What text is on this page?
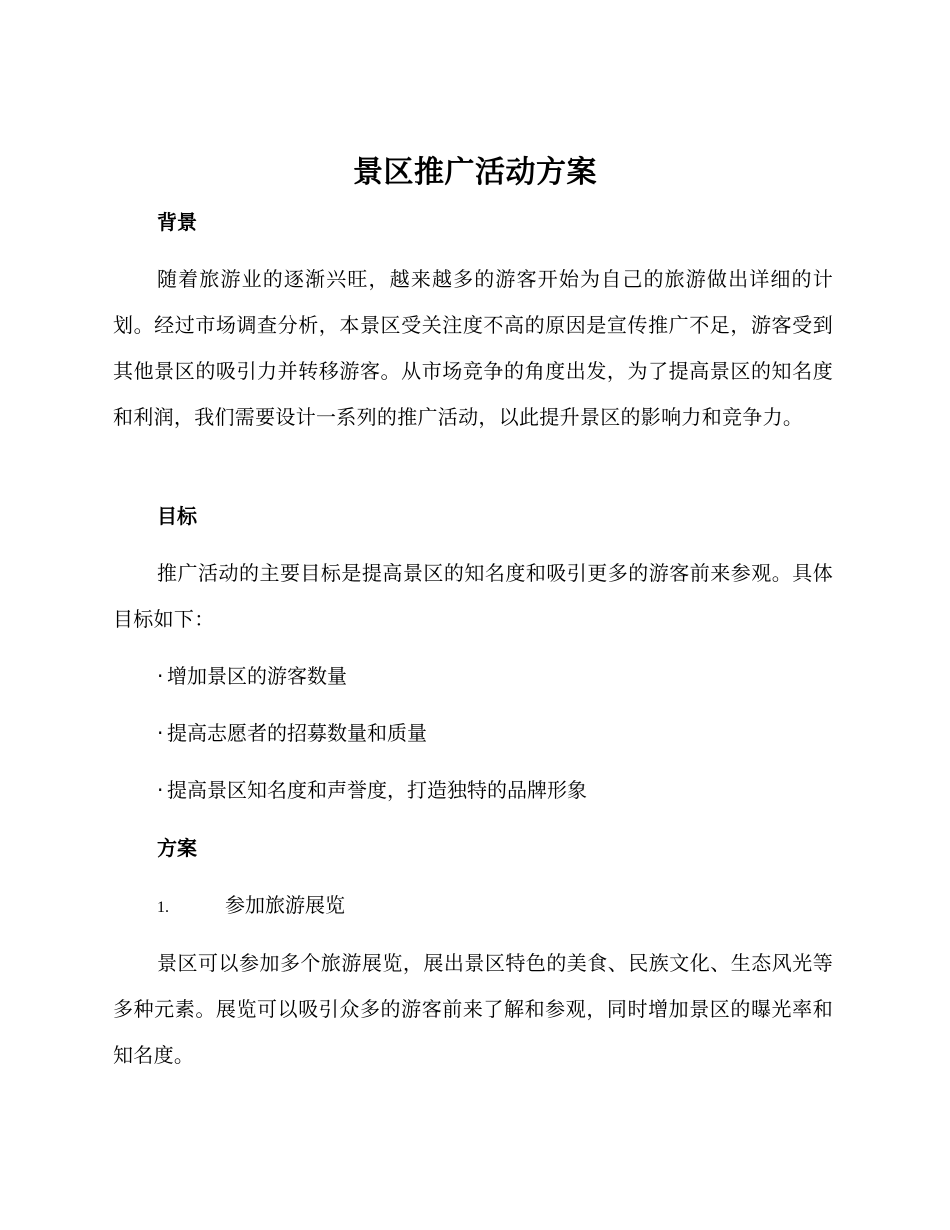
景区推广活动方案
背景
随着旅游业的逐渐兴旺，越来越多的游客开始为自己的旅游做出详细的计划。经过市场调查分析，本景区受关注度不高的原因是宣传推广不足，游客受到其他景区的吸引力并转移游客。从市场竞争的角度出发，为了提高景区的知名度和利润，我们需要设计一系列的推广活动，以此提升景区的影响力和竞争力。
目标
推广活动的主要目标是提高景区的知名度和吸引更多的游客前来参观。具体目标如下：
· 增加景区的游客数量
· 提高志愿者的招募数量和质量
· 提高景区知名度和声誉度，打造独特的品牌形象
方案
1.	参加旅游展览
景区可以参加多个旅游展览，展出景区特色的美食、民族文化、生态风光等多种元素。展览可以吸引众多的游客前来了解和参观，同时增加景区的曝光率和知名度。
